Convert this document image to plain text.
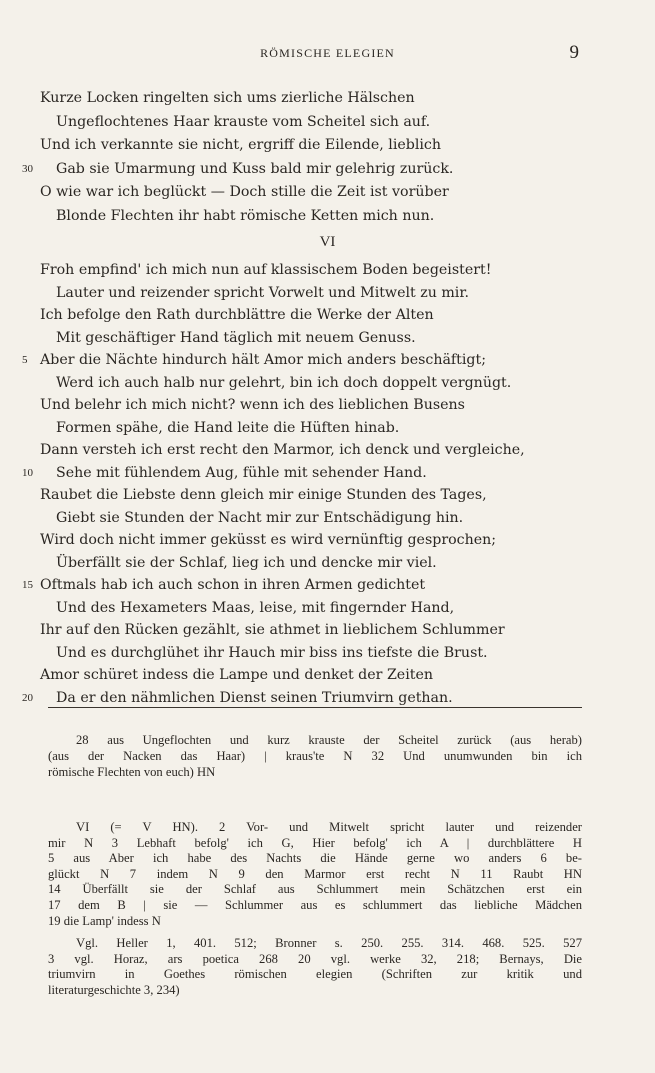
RÖMISCHE ELEGIEN	9
Kurze Locken ringelten sich ums zierliche Hälschen
Ungeflochtenes Haar krauste vom Scheitel sich auf.
Und ich verkannte sie nicht, ergriff die Eilende, lieblich
30 Gab sie Umarmung und Kuss bald mir gelehrig zurück.
O wie war ich beglückt — Doch stille die Zeit ist vorüber
Blonde Flechten ihr habt römische Ketten mich nun.
VI
Froh empfind' ich mich nun auf klassischem Boden begeistert!
Lauter und reizender spricht Vorwelt und Mitwelt zu mir.
Ich befolge den Rath durchblättre die Werke der Alten
Mit geschäftiger Hand täglich mit neuem Genuss.
5 Aber die Nächte hindurch hält Amor mich anders beschäftigt;
Werd ich auch halb nur gelehrt, bin ich doch doppelt vergnügt.
Und belehr ich mich nicht? wenn ich des lieblichen Busens
Formen spähe, die Hand leite die Hüften hinab.
Dann versteh ich erst recht den Marmor, ich denck und vergleiche,
10 Sehe mit fühlendem Aug, fühle mit sehender Hand.
Raubet die Liebste denn gleich mir einige Stunden des Tages,
Giebt sie Stunden der Nacht mir zur Entschädigung hin.
Wird doch nicht immer geküsst es wird vernünftig gesprochen;
Überfällt sie der Schlaf, lieg ich und dencke mir viel.
15 Oftmals hab ich auch schon in ihren Armen gedichtet
Und des Hexameters Maas, leise, mit fingernder Hand,
Ihr auf den Rücken gezählt, sie athmet in lieblichem Schlummer
Und es durchglühet ihr Hauch mir biss ins tiefste die Brust.
Amor schüret indess die Lampe und denket der Zeiten
20 Da er den nähmlichen Dienst seinen Triumvirn gethan.
28 aus Ungeflochten und kurz krauste der Scheitel zurück (aus herab)
(aus der Nacken das Haar) | kraus'te N 32 Und unumwunden bin ich
römische Flechten von euch) HN
VI (= V HN). 2 Vor- und Mitwelt spricht lauter und reizender
mir N 3 Lebhaft befolg' ich G, Hier befolg' ich A | durchblättere H
5 aus Aber ich habe des Nachts die Hände gerne wo anders 6 be-
glückt N 7 indem N 9 den Marmor erst recht N 11 Raubt HN
14 Überfällt sie der Schlaf aus Schlummert mein Schätzchen erst ein
17 dem B | sie — Schlummer aus es schlummert das liebliche Mädchen
19 die Lamp' indess N
Vgl. Heller 1, 401. 512; Bronner s. 250. 255. 314. 468. 525. 527
3 vgl. Horaz, ars poetica 268 20 vgl. werke 32, 218; Bernays, Die
triumvirn in Goethes römischen elegien (Schriften zur kritik und
literaturgeschichte 3, 234)
